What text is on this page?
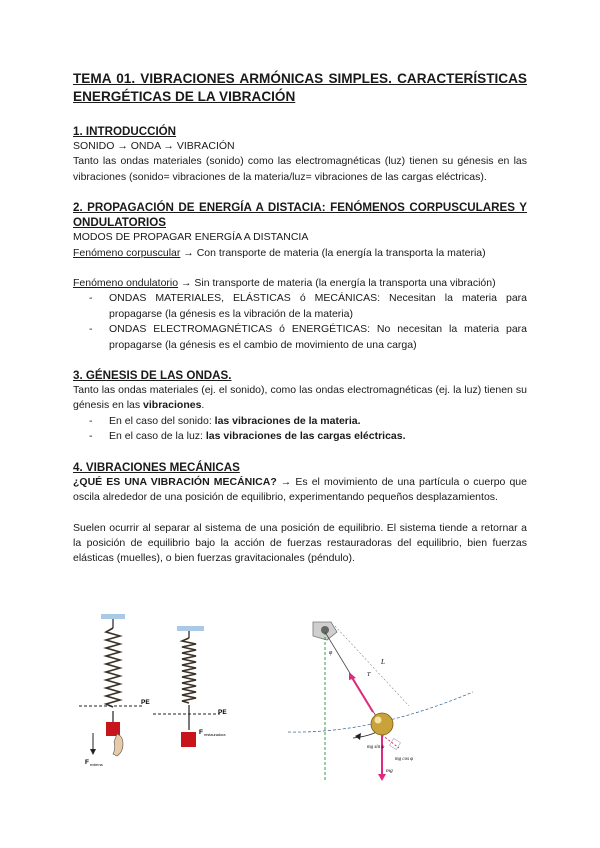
TEMA 01. VIBRACIONES ARMÓNICAS SIMPLES. CARACTERÍSTICAS ENERGÉTICAS DE LA VIBRACIÓN

1. INTRODUCCIÓN

SONIDO → ONDA → VIBRACIÓN

Tanto las ondas materiales (sonido) como las electromagnéticas (luz) tienen su génesis en las vibraciones (sonido= vibraciones de la materia/luz= vibraciones de las cargas eléctricas).

2. PROPAGACIÓN DE ENERGÍA A DISTACIA: FENÓMENOS CORPUSCULARES Y ONDULATORIOS

MODOS DE PROPAGAR ENERGÍA A DISTANCIA

Fenómeno corpuscular → Con transporte de materia (la energía la transporta la materia)

Fenómeno ondulatorio → Sin transporte de materia (la energía la transporta una vibración)

- ONDAS MATERIALES, ELÁSTICAS ó MECÁNICAS: Necesitan la materia para propagarse (la génesis es la vibración de la materia)
- ONDAS ELECTROMAGNÉTICAS ó ENERGÉTICAS: No necesitan la materia para propagarse (la génesis es el cambio de movimiento de una carga)
3. GÉNESIS DE LAS ONDAS.

Tanto las ondas materiales (ej. el sonido), como las ondas electromagnéticas (ej. la luz) tienen su génesis en las vibraciones.

- En el caso del sonido: las vibraciones de la materia.
- En el caso de la luz: las vibraciones de las cargas eléctricas.
4. VIBRACIONES MECÁNICAS

¿QUÉ ES UNA VIBRACIÓN MECÁNICA? → Es el movimiento de una partícula o cuerpo que oscila alrededor de una posición de equilibrio, experimentando pequeños desplazamientos.

Suelen ocurrir al separar al sistema de una posición de equilibrio. El sistema tiende a retornar a la posición de equilibrio bajo la acción de fuerzas restauradoras del equilibrio, bien fuerzas elásticas (muelles), o bien fuerzas gravitacionales (péndulo).

PE
F externa
PE
F restauradora
L
φ
T
mg
mg cos φ
mg sin φ
